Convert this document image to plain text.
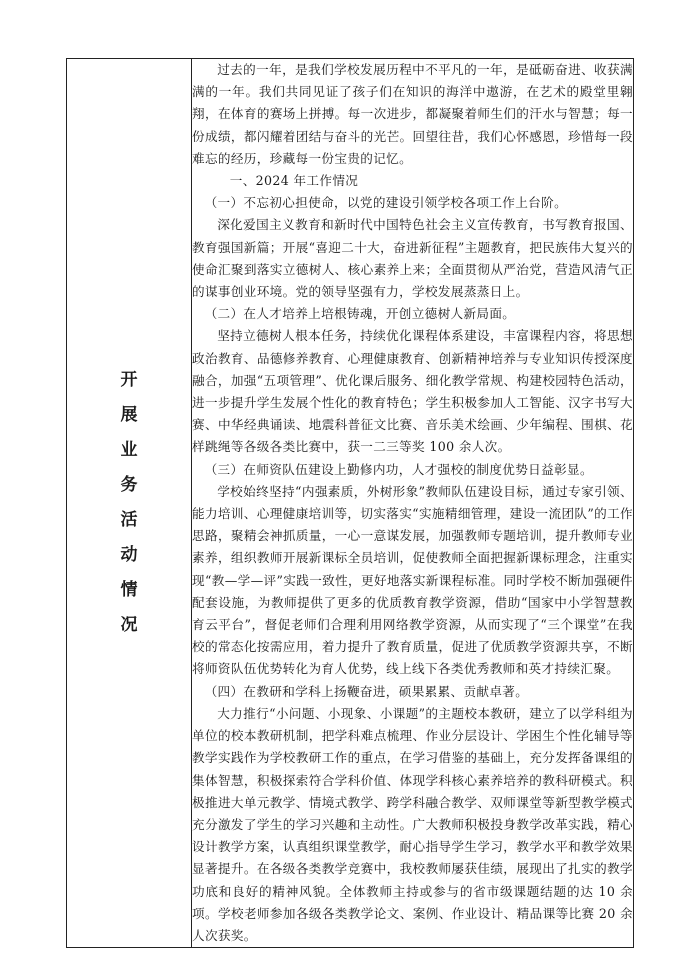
开
展
业
务
活
动
情
况

过去的一年，是我们学校发展历程中不平凡的一年，是砥砺奋进、收获满满的一年。我们共同见证了孩子们在知识的海洋中遨游，在艺术的殿堂里翱翔，在体育的赛场上拼搏。每一次进步，都凝聚着师生们的汗水与智慧；每一份成绩，都闪耀着团结与奋斗的光芒。回望往昔，我们心怀感恩，珍惜每一段难忘的经历，珍藏每一份宝贵的记忆。

一、2024 年工作情况

（一）不忘初心担使命，以党的建设引领学校各项工作上台阶。

深化爱国主义教育和新时代中国特色社会主义宣传教育，书写教育报国、教育强国新篇；开展“喜迎二十大，奋进新征程”主题教育，把民族伟大复兴的使命汇聚到落实立德树人、核心素养上来；全面贯彻从严治党，营造风清气正的谋事创业环境。党的领导坚强有力，学校发展蒸蒸日上。

（二）在人才培养上培根铸魂，开创立德树人新局面。

坚持立德树人根本任务，持续优化课程体系建设，丰富课程内容，将思想政治教育、品德修养教育、心理健康教育、创新精神培养与专业知识传授深度融合，加强“五项管理”、优化课后服务、细化教学常规、构建校园特色活动，进一步提升学生发展个性化的教育特色；学生积极参加人工智能、汉字书写大赛、中华经典诵读、地震科普征文比赛、音乐美术绘画、少年编程、围棋、花样跳绳等各级各类比赛中，获一二三等奖 100 余人次。

（三）在师资队伍建设上勤修内功，人才强校的制度优势日益彰显。

学校始终坚持“内强素质，外树形象”教师队伍建设目标，通过专家引领、能力培训、心理健康培训等，切实落实“实施精细管理，建设一流团队”的工作思路，聚精会神抓质量，一心一意谋发展，加强教师专题培训，提升教师专业素养，组织教师开展新课标全员培训，促使教师全面把握新课标理念，注重实现“教—学—评”实践一致性，更好地落实新课程标准。同时学校不断加强硬件配套设施，为教师提供了更多的优质教育教学资源，借助“国家中小学智慧教育云平台”，督促老师们合理利用网络教学资源，从而实现了“三个课堂”在我校的常态化按需应用，着力提升了教育质量，促进了优质教学资源共享，不断将师资队伍优势转化为育人优势，线上线下各类优秀教师和英才持续汇聚。

（四）在教研和学科上扬鞭奋进，硕果累累、贡献卓著。

大力推行“小问题、小现象、小课题”的主题校本教研，建立了以学科组为单位的校本教研机制，把学科难点梳理、作业分层设计、学困生个性化辅导等教学实践作为学校教研工作的重点，在学习借鉴的基础上，充分发挥备课组的集体智慧，积极探索符合学科价值、体现学科核心素养培养的教科研模式。积极推进大单元教学、情境式教学、跨学科融合教学、双师课堂等新型教学模式充分激发了学生的学习兴趣和主动性。广大教师积极投身教学改革实践，精心设计教学方案，认真组织课堂教学，耐心指导学生学习，教学水平和教学效果显著提升。在各级各类教学竞赛中，我校教师屡获佳绩，展现出了扎实的教学功底和良好的精神风貌。全体教师主持或参与的省市级课题结题的达 10 余项。学校老师参加各级各类教学论文、案例、作业设计、精品课等比赛 20 余人次获奖。
